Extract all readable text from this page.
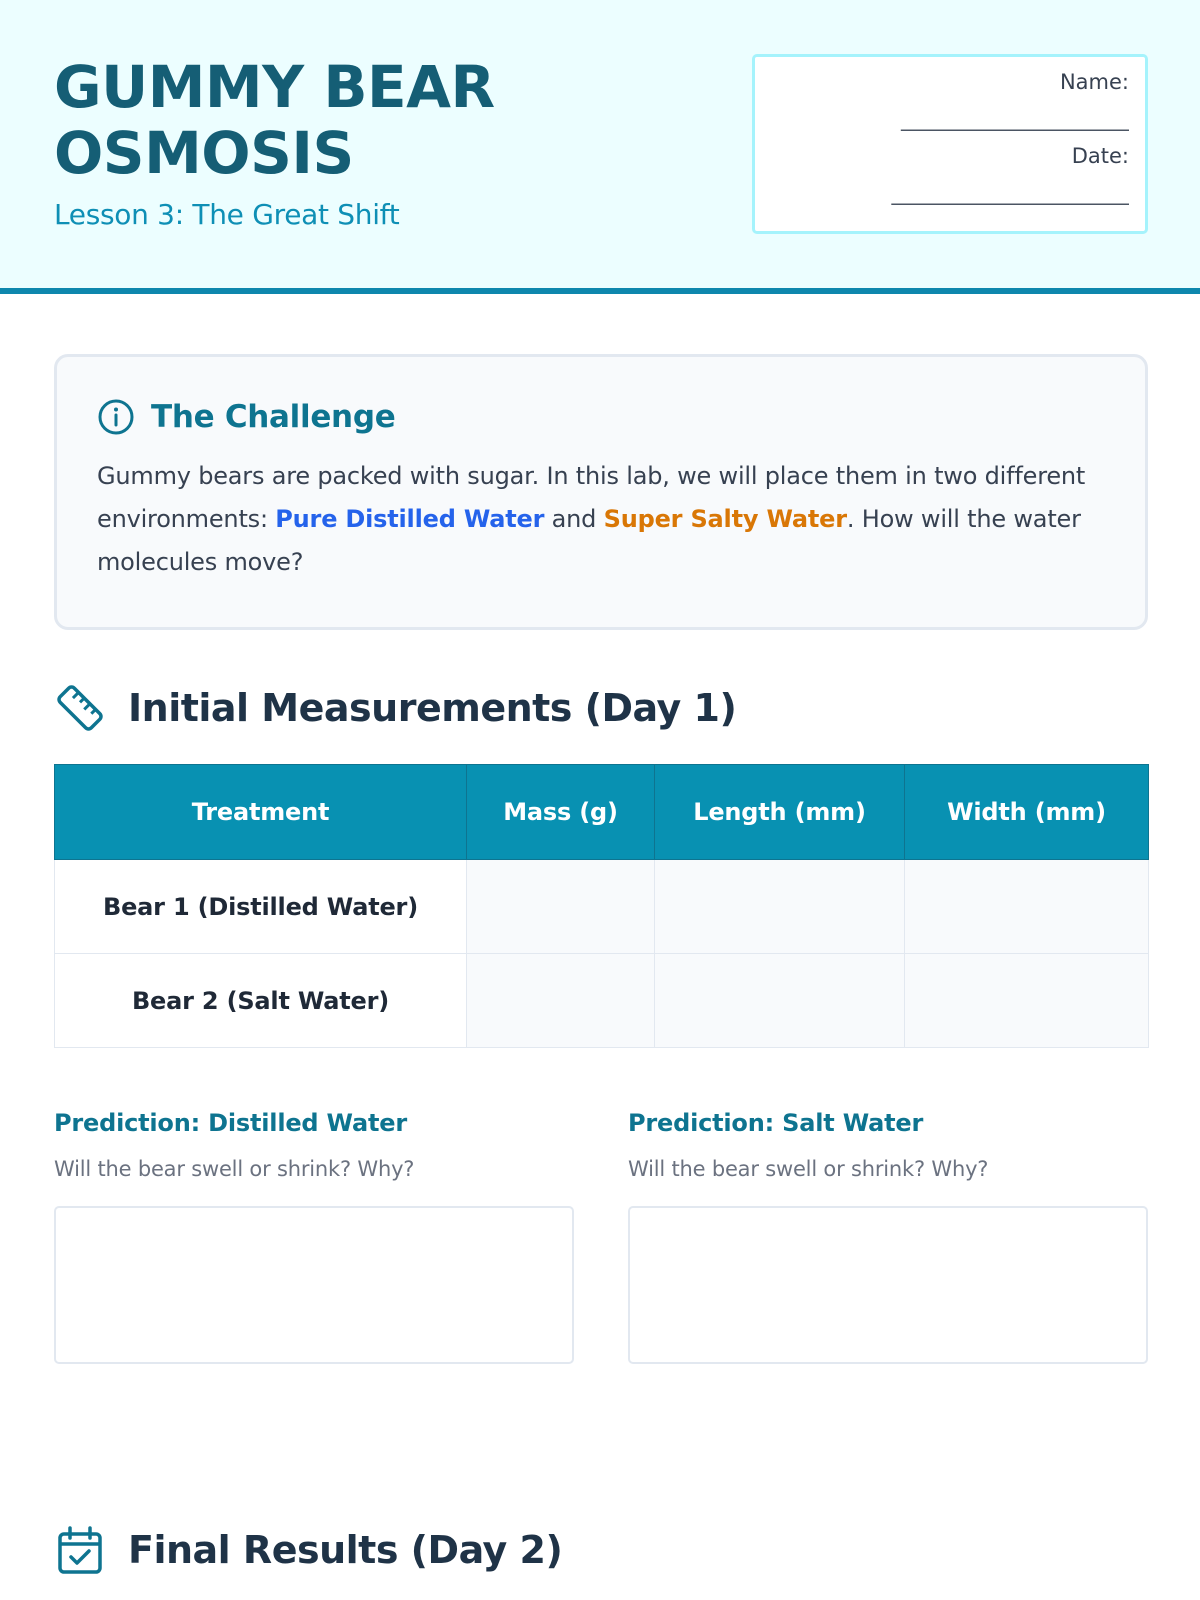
GUMMY BEAR
OSMOSIS
Lesson 3: The Great Shift
Name:
________________________
Date:
_________________________
The Challenge
Gummy bears are packed with sugar. In this lab, we will place them in two different environments: Pure Distilled Water and Super Salty Water. How will the water molecules move?
Initial Measurements (Day 1)
Treatment	Mass (g)	Length (mm)	Width (mm)
Bear 1 (Distilled Water)			
Bear 2 (Salt Water)			
Prediction: Distilled Water
Will the bear swell or shrink? Why?
Prediction: Salt Water
Will the bear swell or shrink? Why?
Final Results (Day 2)
